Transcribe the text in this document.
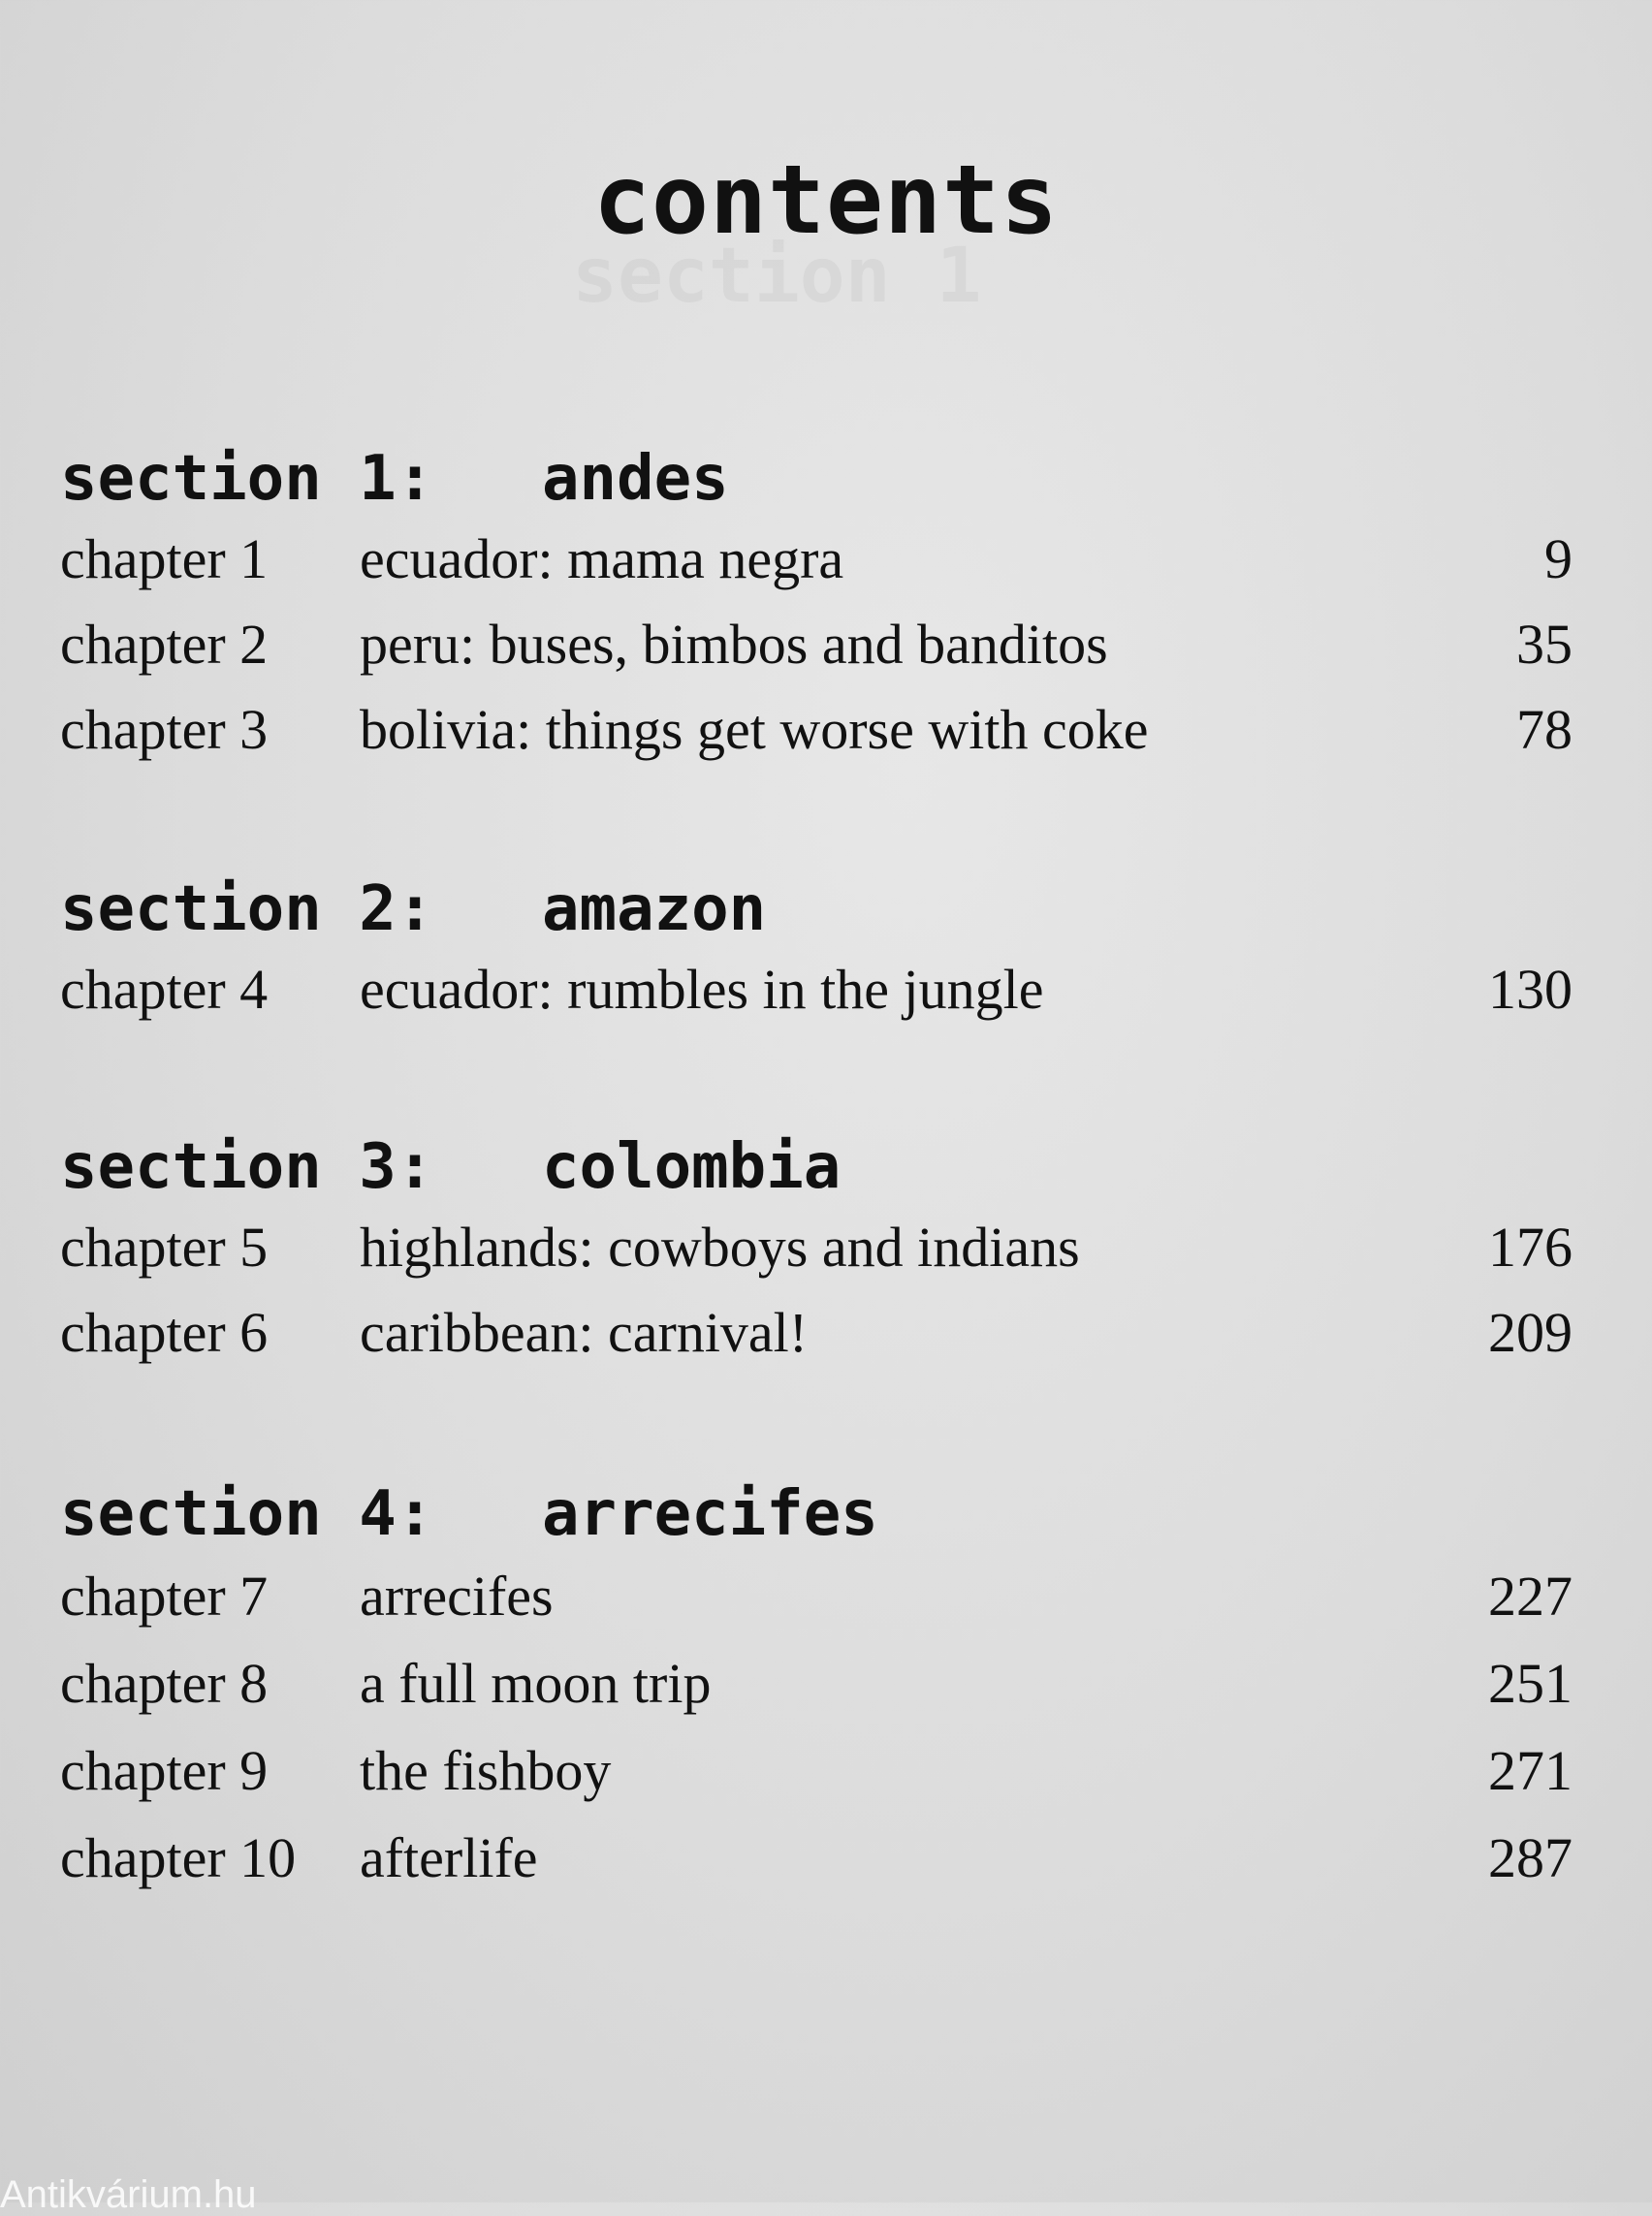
contents
section 1: andes
chapter 1 ecuador: mama negra	9
chapter 2 peru: buses, bimbos and banditos	35
chapter 3 bolivia: things get worse with coke	78
section 2: amazon
chapter 4 ecuador: rumbles in the jungle	130
section 3: colombia
chapter 5 highlands: cowboys and indians	176
chapter 6 caribbean: carnival!	209
section 4: arrecifes
chapter 7 arrecifes	227
chapter 8 a full moon trip	251
chapter 9 the fishboy	271
chapter 10 afterlife	287
Antikvárium.hu
